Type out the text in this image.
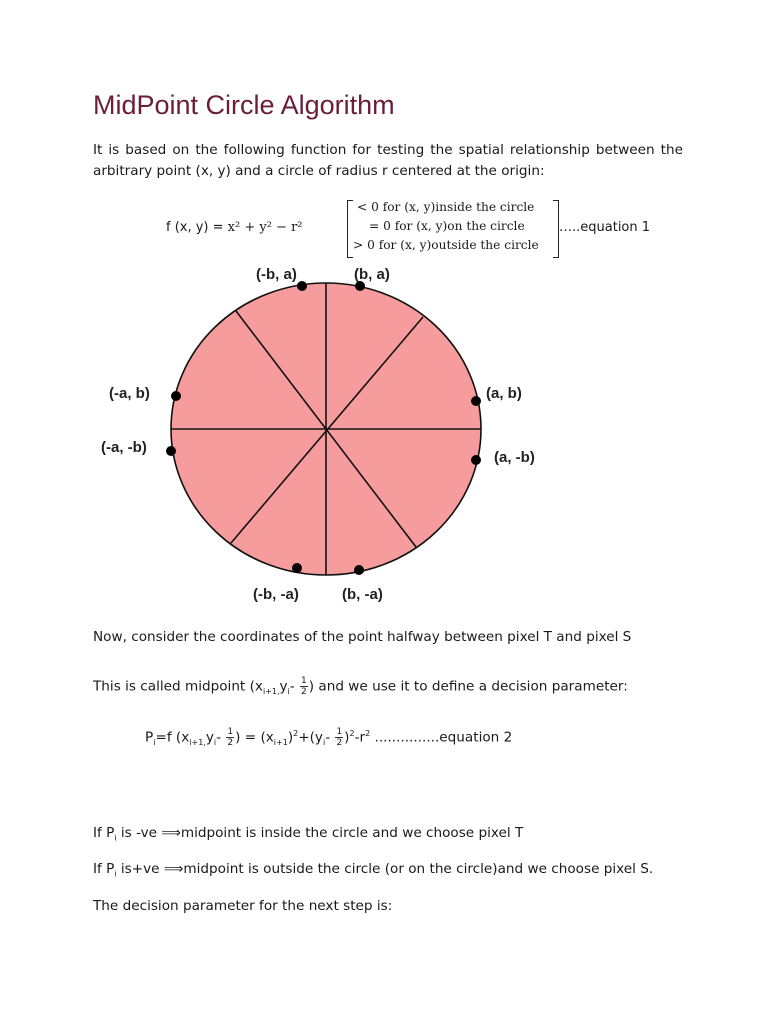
MidPoint Circle Algorithm
It is based on the following function for testing the spatial relationship between the arbitrary point (x, y) and a circle of radius r centered at the origin:
f (x, y) = x² + y² − r²
< 0 for (x, y)inside the circle
= 0 for (x, y)on the circle
> 0 for (x, y)outside the circle
…..equation 1
(-b, a)	(b, a)
(-a, b)	(a, b)
(-a, -b)
(a, -b)
(-b, -a)	(b, -a)
Now, consider the coordinates of the point halfway between pixel T and pixel S
This is called midpoint ($x_{i+1,}y_i- \frac{1}{2}$ ) and we use it to define a decision parameter:
$P_i=f$ ($x_{i+1,}y_i- \frac{1}{2}$ ) = $(x_{i+1})^2+(y_i- \frac{1}{2} )^2-r^2$ ...............equation 2
If $P_i$ is -ve ⟹midpoint is inside the circle and we choose pixel T
If $P_i$ is+ve ⟹midpoint is outside the circle (or on the circle)and we choose pixel S.
The decision parameter for the next step is:
